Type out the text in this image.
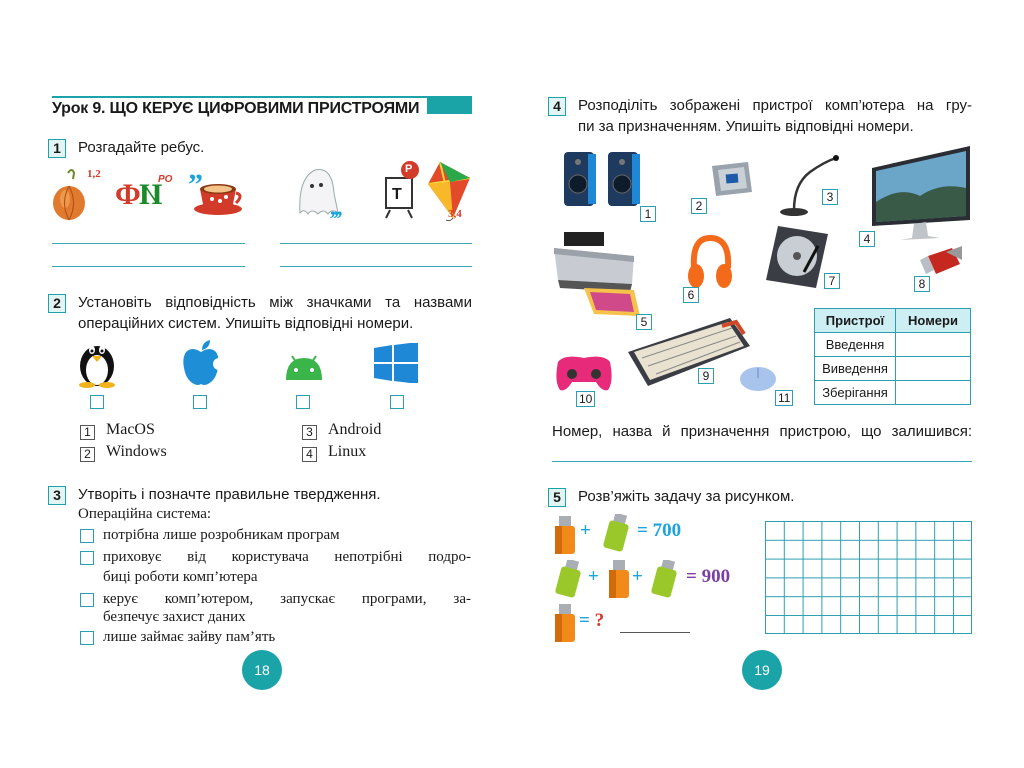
Урок 9. ЩО КЕРУЄ ЦИФРОВИМИ ПРИСТРОЯМИ
1	Розгадайте ребус.
1,2
ФИ
РО ”
,,,
Р
Т
3,4
2	Установіть відповідність між значками та назвами
операційних систем. Упишіть відповідні номери.
1 MacOS
2 Windows
3 Android
4 Linux
3	Утворіть і позначте правильне твердження.
Операційна система:
потрібна лише розробникам програм
приховує від користувача непотрібні подро-
биці роботи комп’ютера
керує комп’ютером, запускає програми, за-
безпечує захист даних
лише займає зайву пам’ять
18
4	Розподіліть зображені пристрої комп’ютера на гру-
пи за призначенням. Упишіть відповідні номери.
1
2
3
4
5
6
7	8
9
10	11
Пристрої	Номери
Введення	
Виведення	
Зберігання	
Номер, назва й призначення пристрою, що залишився:
5	Розв’яжіть задачу за рисунком.
+ = 700
+ + = 900
= ?
19
